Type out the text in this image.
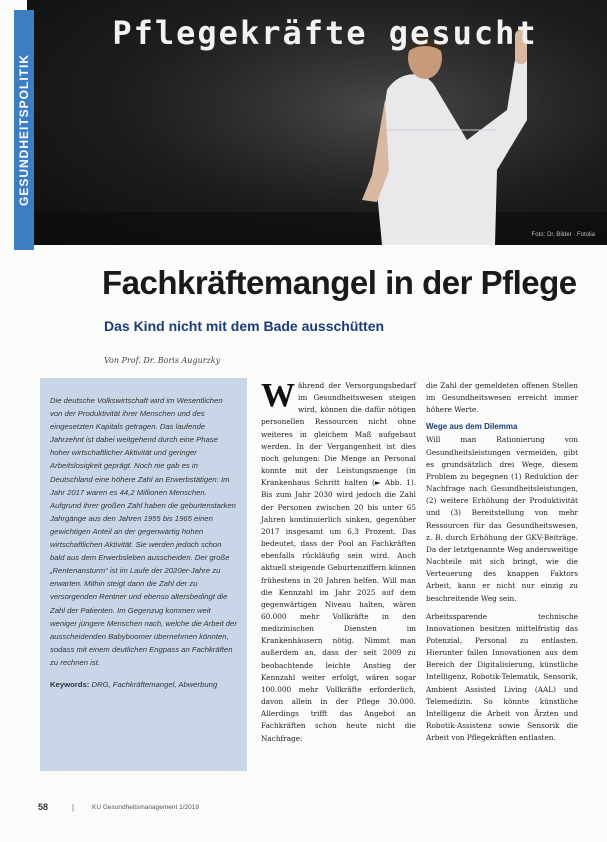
Pflegekräfte gesucht
Foto: Dr. Bilder · Fotolia
GESUNDHEITSPOLITIK
Fachkräftemangel in der Pflege
Das Kind nicht mit dem Bade ausschütten
Von Prof. Dr. Boris Augurzky

Die deutsche Volkswirtschaft wird im Wesentlichen von der Produktivität ihrer Menschen und des eingesetzten Kapitals getragen. Das laufende Jahrzehnt ist dabei weitgehend durch eine Phase hoher wirtschaftlicher Aktivität und geringer Arbeitslosigkeit geprägt. Noch nie gab es in Deutschland eine höhere Zahl an Erwerbstätigen: Im Jahr 2017 waren es 44,2 Millionen Menschen. Aufgrund ihrer großen Zahl haben die geburtenstarken Jahrgänge aus den Jahren 1955 bis 1965 einen gewichtigen Anteil an der gegenwärtig hohen wirtschaftlichen Aktivität. Sie werden jedoch schon bald aus dem Erwerbsleben ausscheiden. Der große „Rentenansturm“ ist im Laufe der 2020er-Jahre zu erwarten. Mithin steigt dann die Zahl der zu versorgenden Rentner und ebenso altersbedingt die Zahl der Patienten. Im Gegenzug kommen weit weniger jüngere Menschen nach, welche die Arbeit der ausscheidenden Babyboomer übernehmen könnten, sodass mit einem deutlichen Engpass an Fachkräften zu rechnen ist.

Keywords: DRG, Fachkräftemangel, Abwerbung

W ährend der Versorgungsbedarf im Gesundheitswesen steigen wird, können die dafür nötigen personellen Ressourcen nicht ohne weiteres in gleichem Maß aufgebaut werden. In der Vergangenheit ist dies noch gelungen: Die Menge an Personal konnte mit der Leistungsmenge (in Krankenhaus Schritt halten (► Abb. 1). Bis zum Jahr 2030 wird jedoch die Zahl der Personen zwischen 20 bis unter 65 Jahren kontinuierlich sinken, gegenüber 2017 insgesamt um 6,3 Prozent. Das bedeutet, dass der Pool an Fachkräften ebenfalls rückläufig sein wird. Auch aktuell steigende Geburtenziffern können frühestens in 20 Jahren helfen. Will man die Kennzahl im Jahr 2025 auf dem gegenwärtigen Niveau halten, wären 60.000 mehr Vollkräfte in den medizinischen Diensten im Krankenhäusern nötig. Nimmt man außerdem an, dass der seit 2009 zu beobachtende leichte Anstieg der Kennzahl weiter erfolgt, wären sogar 100.000 mehr Vollkräfte erforderlich, davon allein in der Pflege 30.000. Allerdings trifft das Angebot an Fachkräften schon heute nicht die Nachfrage:

die Zahl der gemeldeten offenen Stellen im Gesundheitswesen erreicht immer höhere Werte.

Wege aus dem Dilemma

Will man Rationierung von Gesundheitsleistungen vermeiden, gibt es grundsätzlich drei Wege, diesem Problem zu begegnen (1) Reduktion der Nachfrage nach Gesundheitsleistungen, (2) weitere Erhöhung der Produktivität und (3) Bereitstellung von mehr Ressourcen für das Gesundheitswesen, z. B. durch Erhöhung der GKV-Beiträge. Da der letztgenannte Weg andersweitige Nachteile mit sich bringt, wie die Verteuerung des knappen Faktors Arbeit, kann er nicht nur einzig zu beschreitende Weg sein.

Arbeitssparende technische Innovationen besitzen mittelfristig das Potenzial, Personal zu entlasten. Hierunter fallen Innovationen aus dem Bereich der Digitalisierung, künstliche Intelligenz, Robotik-Telematik, Sensorik, Ambient Assisted Living (AAL) und Telemedizin. So könnte künstliche Intelligenz die Arbeit von Ärzten und Robotik-Assistenz sowie Sensorik die Arbeit von Pflegekräften entlasten.

58	|	KU Gesundheitsmanagement 1/2019
